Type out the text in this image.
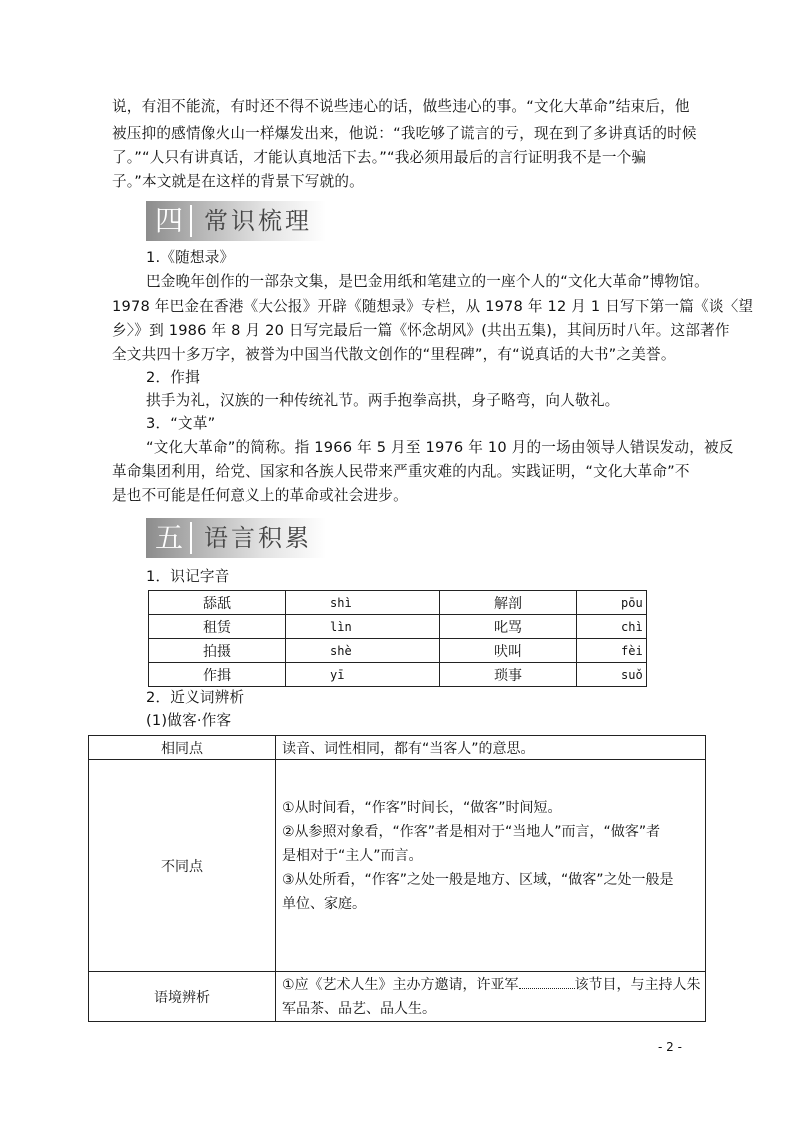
说，有泪不能流，有时还不得不说些违心的话，做些违心的事。“文化大革命”结束后，他
被压抑的感情像火山一样爆发出来，他说：“我吃够了谎言的亏，现在到了多讲真话的时候
了。”“人只有讲真话，才能认真地活下去。”“我必须用最后的言行证明我不是一个骗
子。”本文就是在这样的背景下写就的。
四 常识梳理
1.《随想录》
巴金晚年创作的一部杂文集，是巴金用纸和笔建立的一座个人的“文化大革命”博物馆。
1978 年巴金在香港《大公报》开辟《随想录》专栏，从 1978 年 12 月 1 日写下第一篇《谈〈望
乡〉》到 1986 年 8 月 20 日写完最后一篇《怀念胡风》(共出五集)，其间历时八年。这部著作
全文共四十多万字，被誉为中国当代散文创作的“里程碑”，有“说真话的大书”之美誉。
2．作揖
拱手为礼，汉族的一种传统礼节。两手抱拳高拱，身子略弯，向人敬礼。
3．“文革”
“文化大革命”的简称。指 1966 年 5 月至 1976 年 10 月的一场由领导人错误发动，被反
革命集团利用，给党、国家和各族人民带来严重灾难的内乱。实践证明，“文化大革命”不
是也不可能是任何意义上的革命或社会进步。
五 语言积累
1．识记字音
舔舐	shì	解剖	pōu
租赁	lìn	叱骂	chì
拍摄	shè	吠叫	fèi
作揖	yī	琐事	suǒ
2．近义词辨析
(1)做客·作客
相同点	读音、词性相同，都有“当客人”的意思。
不同点	①从时间看，“作客”时间长，“做客”时间短。
②从参照对象看，“作客”者是相对于“当地人”而言，“做客”者
是相对于“主人”而言。
③从处所看，“作客”之处一般是地方、区域，“做客”之处一般是
单位、家庭。

语境辨析	①应《艺术人生》主办方邀请，许亚军 该节目，与主持人朱
军品茶、品艺、品人生。
- 2 -
